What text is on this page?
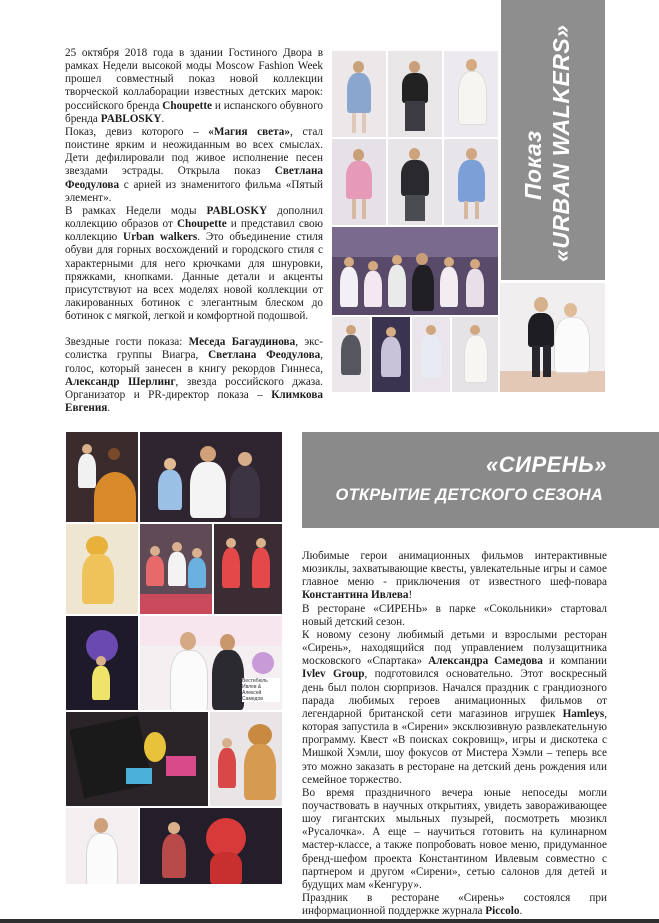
25 октября 2018 года в здании Гостиного Двора в рамках Недели высокой моды Moscow Fashion Week прошел совместный показ новой коллекции творческой коллаборации известных детских марок: российского бренда Choupette и испанского обувного бренда PABLOSKY.

Показ, девиз которого – «Магия света», стал поистине ярким и неожиданным во всех смыслах. Дети дефилировали под живое исполнение песен звездами эстрады. Открыла показ Светлана Феодулова с арией из знаменитого фильма «Пятый элемент».

В рамках Недели моды PABLOSKY дополнил коллекцию образов от Choupette и представил свою коллекцию Urban walkers. Это объединение стиля обуви для горных восхождений и городского стиля с характерными для него крючками для шнуровки, пряжками, кнопками. Данные детали и акценты присутствуют на всех моделях новой коллекции от лакированных ботинок с элегантным блеском до ботинок с мягкой, легкой и комфортной подошвой.

Звездные гости показа: Меседа Багаудинова, экс-солистка группы Виагра, Светлана Феодулова, голос, который занесен в книгу рекордов Гиннеса, Александр Шерлинг, звезда российского джаза. Организатор и PR-директор показа – Климкова Евгения.

Показ «URBAN WALKERS»
Вестибюль Ивлев & Алексей Самедов
«СИРЕНЬ»
ОТКРЫТИЕ ДЕТСКОГО СЕЗОНА

Любимые герои анимационных фильмов интерактивные мюзиклы, захватывающие квесты, увлекательные игры и самое главное меню - приключения от известного шеф-повара Константина Ивлева!

В ресторане «СИРЕНЬ» в парке «Сокольники» стартовал новый детский сезон.

К новому сезону любимый детьми и взрослыми ресторан «Сирень», находящийся под управлением полузащитника московского «Спартака» Александра Самедова и компании Ivlev Group, подготовился основательно. Этот воскресный день был полон сюрпризов. Начался праздник с грандиозного парада любимых героев анимационных фильмов от легендарной британской сети магазинов игрушек Hamleys, которая запустила в «Сирени» эксклюзивную развлекательную программу. Квест «В поисках сокровищ», игры и дискотека с Мишкой Хэмли, шоу фокусов от Мистера Хэмли – теперь все это можно заказать в ресторане на детский день рождения или семейное торжество.

Во время праздничного вечера юные непоседы могли поучаствовать в научных открытиях, увидеть завораживающее шоу гигантских мыльных пузырей, посмотреть мюзикл «Русалочка». А еще – научиться готовить на кулинарном мастер-классе, а также попробовать новое меню, придуманное бренд-шефом проекта Константином Ивлевым совместно с партнером и другом «Сирени», сетью салонов для детей и будущих мам «Кенгуру».

Праздник в ресторане «Сирень» состоялся при информационной поддержке журнала Piccolo.
